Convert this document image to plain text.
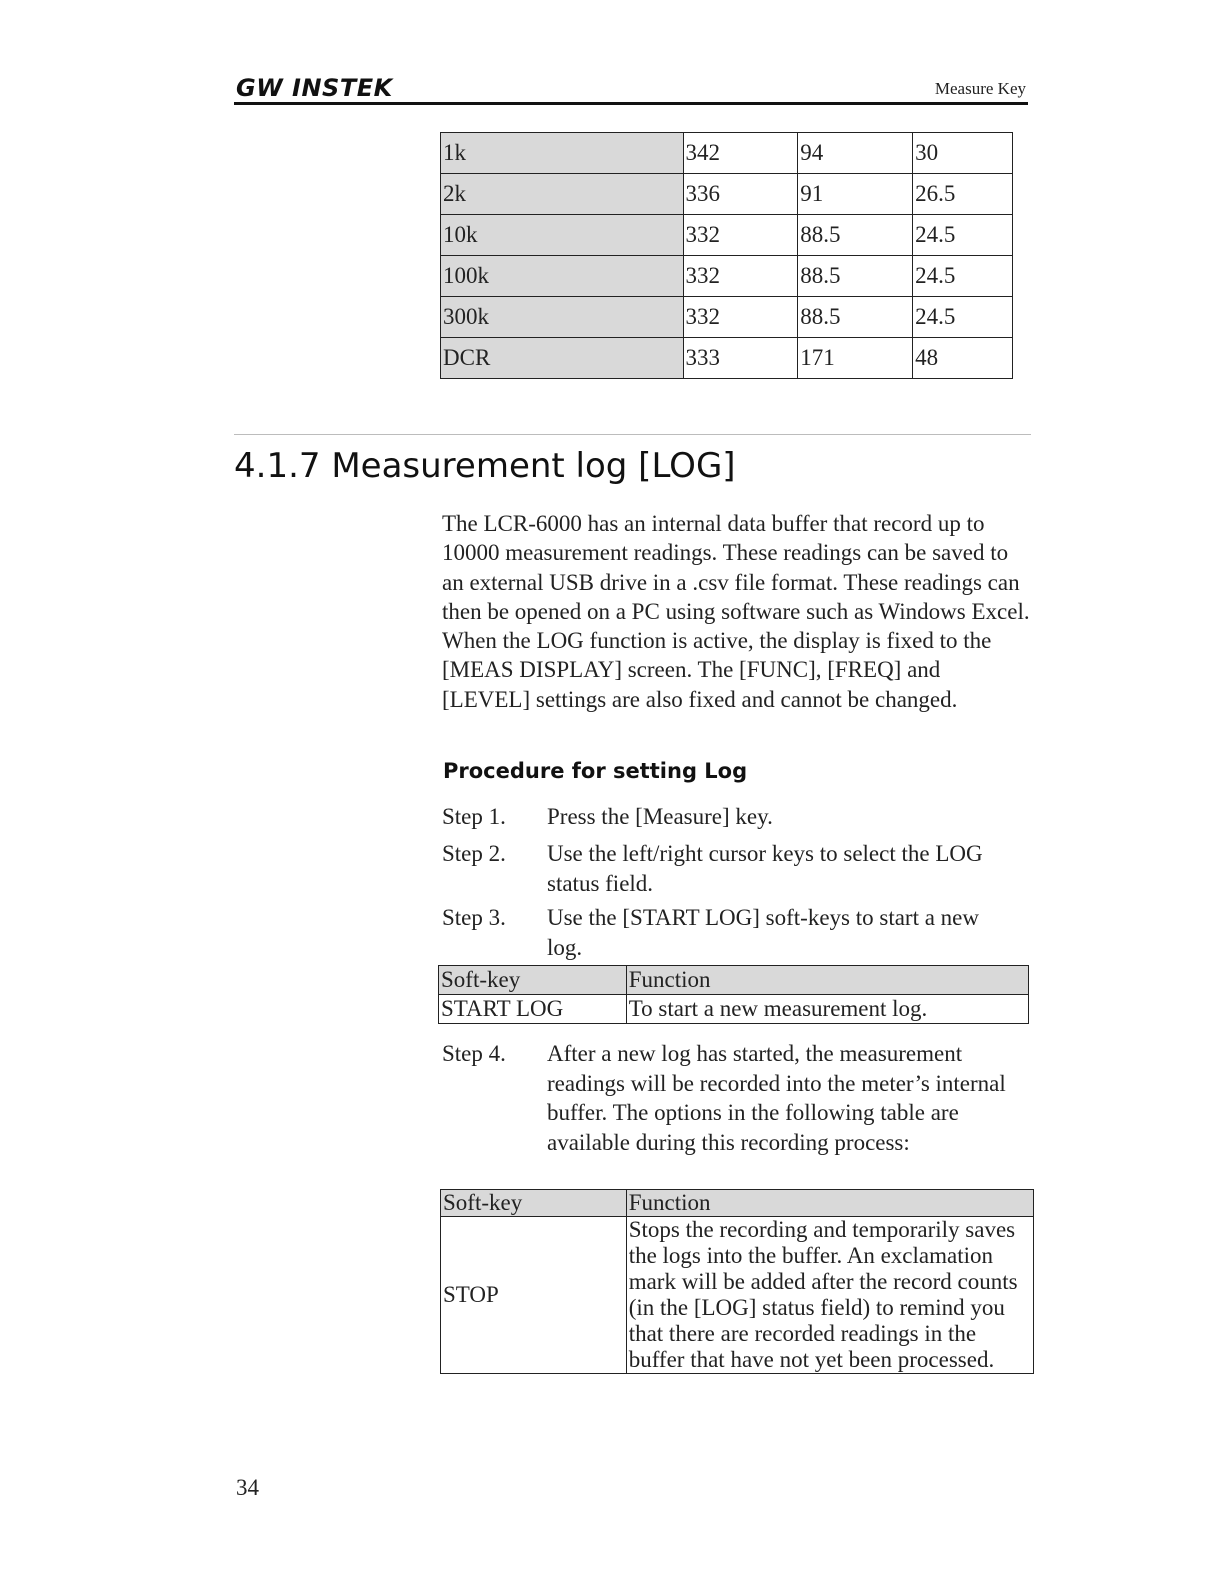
GW INSTEK	Measure Key
1k	342	94	30
2k	336	91	26.5
10k	332	88.5	24.5
100k	332	88.5	24.5
300k	332	88.5	24.5
DCR	333	171	48
4.1.7 Measurement log [LOG]

The LCR-6000 has an internal data buffer that record up to 10000 measurement readings. These readings can be saved to an external USB drive in a .csv file format. These readings can then be opened on a PC using software such as Windows Excel. When the LOG function is active, the display is fixed to the [MEAS DISPLAY] screen. The [FUNC], [FREQ] and [LEVEL] settings are also fixed and cannot be changed.

Procedure for setting Log
Step 1.	Press the [Measure] key.
Step 2.	Use the left/right cursor keys to select the LOG status field.
Step 3.	Use the [START LOG] soft-keys to start a new log.
Soft-key	Function
START LOG	To start a new measurement log.
Step 4.	After a new log has started, the measurement readings will be recorded into the meter’s internal buffer. The options in the following table are available during this recording process:
Soft-key	Function
STOP	Stops the recording and temporarily saves the logs into the buffer. An exclamation mark will be added after the record counts (in the [LOG] status field) to remind you that there are recorded readings in the buffer that have not yet been processed.
34
